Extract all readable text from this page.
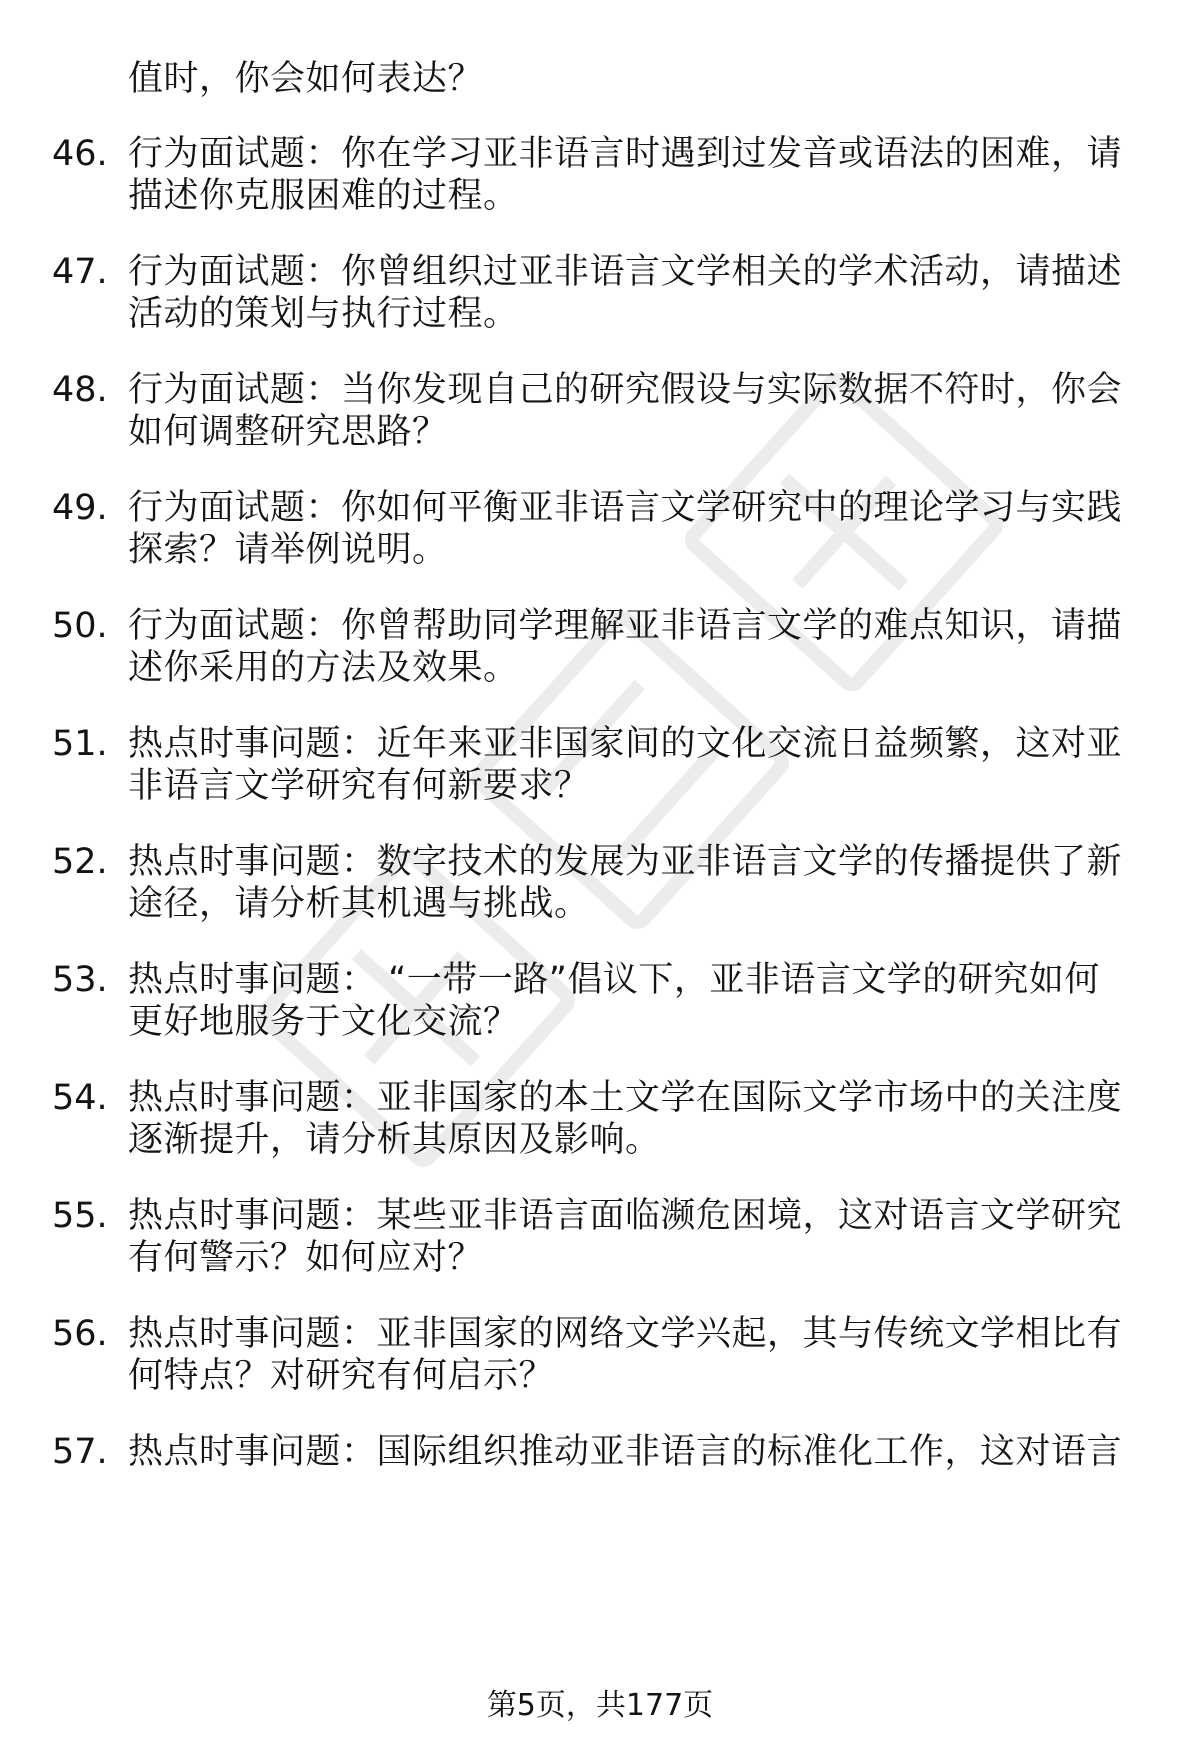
值时，你会如何表达？
46. 行为面试题：你在学习亚非语言时遇到过发音或语法的困难，请
描述你克服困难的过程。
47. 行为面试题：你曾组织过亚非语言文学相关的学术活动，请描述
活动的策划与执行过程。
48. 行为面试题：当你发现自己的研究假设与实际数据不符时，你会
如何调整研究思路？
49. 行为面试题：你如何平衡亚非语言文学研究中的理论学习与实践
探索？请举例说明。
50. 行为面试题：你曾帮助同学理解亚非语言文学的难点知识，请描
述你采用的方法及效果。
51. 热点时事问题：近年来亚非国家间的文化交流日益频繁，这对亚
非语言文学研究有何新要求？
52. 热点时事问题：数字技术的发展为亚非语言文学的传播提供了新
途径，请分析其机遇与挑战。
53. 热点时事问题： “一带一路”倡议下，亚非语言文学的研究如何
更好地服务于文化交流？
54. 热点时事问题：亚非国家的本土文学在国际文学市场中的关注度
逐渐提升，请分析其原因及影响。
55. 热点时事问题：某些亚非语言面临濒危困境，这对语言文学研究
有何警示？如何应对？
56. 热点时事问题：亚非国家的网络文学兴起，其与传统文学相比有
何特点？对研究有何启示？
57. 热点时事问题：国际组织推动亚非语言的标准化工作，这对语言
第5页，共177页
